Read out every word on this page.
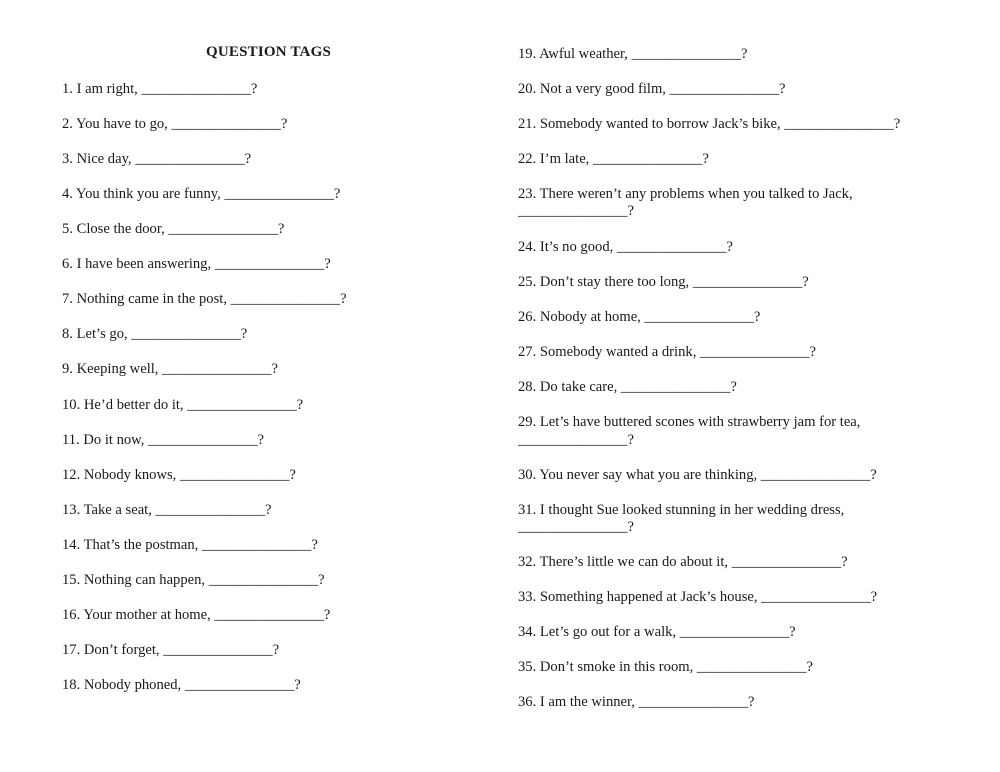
QUESTION TAGS
1. I am right, _______________?
2. You have to go, _______________?
3. Nice day, _______________?
4. You think you are funny, _______________?
5. Close the door, _______________?
6. I have been answering, _______________?
7. Nothing came in the post, _______________?
8. Let’s go, _______________?
9. Keeping well, _______________?
10. He’d better do it, _______________?
11. Do it now, _______________?
12. Nobody knows, _______________?
13. Take a seat, _______________?
14. That’s the postman, _______________?
15. Nothing can happen, _______________?
16. Your mother at home, _______________?
17. Don’t forget, _______________?
18. Nobody phoned, _______________?
19. Awful weather, _______________?
20. Not a very good film, _______________?
21. Somebody wanted to borrow Jack’s bike, _______________?
22. I’m late, _______________?
23. There weren’t any problems when you talked to Jack,
_______________?
24. It’s no good, _______________?
25. Don’t stay there too long, _______________?
26. Nobody at home, _______________?
27. Somebody wanted a drink, _______________?
28. Do take care, _______________?
29. Let’s have buttered scones with strawberry jam for tea,
_______________?
30. You never say what you are thinking, _______________?
31. I thought Sue looked stunning in her wedding dress,
_______________?
32. There’s little we can do about it, _______________?
33. Something happened at Jack’s house, _______________?
34. Let’s go out for a walk, _______________?
35. Don’t smoke in this room, _______________?
36. I am the winner, _______________?
